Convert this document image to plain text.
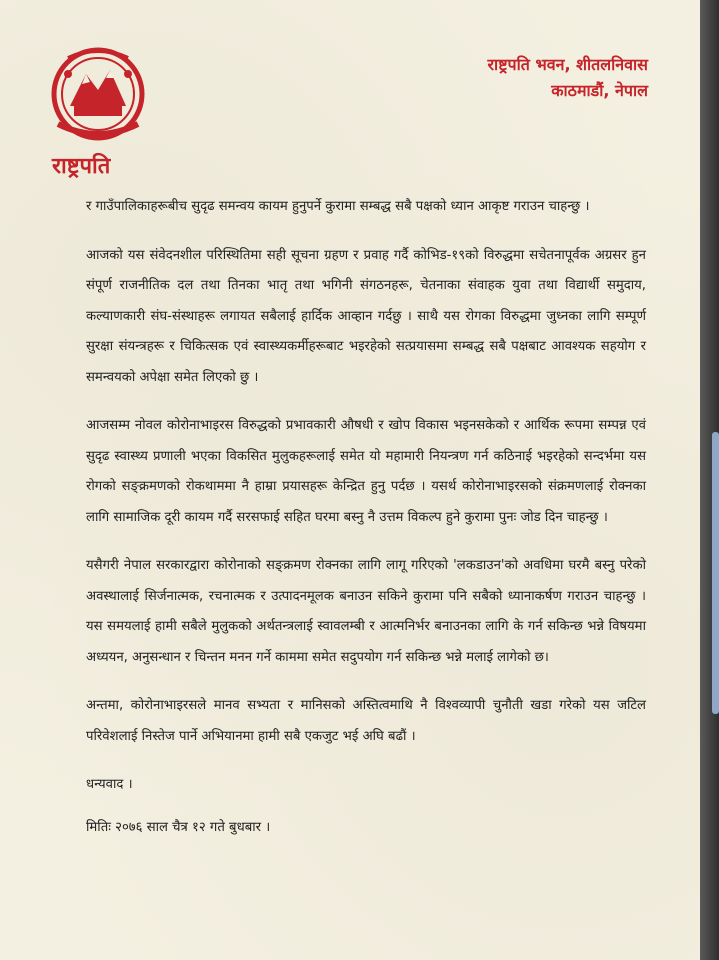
राष्ट्रपति भवन, शीतलनिवास
काठमाडौं, नेपाल
राष्ट्रपति

र गाउँपालिकाहरूबीच सुदृढ समन्वय कायम हुनुपर्ने कुरामा सम्बद्ध सबै पक्षको ध्यान आकृष्ट गराउन चाहन्छु ।

आजको यस संवेदनशील परिस्थितिमा सही सूचना ग्रहण र प्रवाह गर्दै कोभिड-१९को विरुद्धमा सचेतनापूर्वक अग्रसर हुन संपूर्ण राजनीतिक दल तथा तिनका भातृ तथा भगिनी संगठनहरू, चेतनाका संवाहक युवा तथा विद्यार्थी समुदाय, कल्याणकारी संघ-संस्थाहरू लगायत सबैलाई हार्दिक आव्हान गर्दछु । साथै यस रोगका विरुद्धमा जुध्नका लागि सम्पूर्ण सुरक्षा संयन्त्रहरू र चिकित्सक एवं स्वास्थ्यकर्मीहरूबाट भइरहेको सत्प्रयासमा सम्बद्ध सबै पक्षबाट आवश्यक सहयोग र समन्वयको अपेक्षा समेत लिएको छु ।

आजसम्म नोवल कोरोनाभाइरस विरुद्धको प्रभावकारी औषधी र खोप विकास भइनसकेको र आर्थिक रूपमा सम्पन्न एवं सुदृढ स्वास्थ्य प्रणाली भएका विकसित मुलुकहरूलाई समेत यो महामारी नियन्त्रण गर्न कठिनाई भइरहेको सन्दर्भमा यस रोगको सङ्क्रमणको रोकथाममा नै हाम्रा प्रयासहरू केन्द्रित हुनु पर्दछ । यसर्थ कोरोनाभाइरसको संक्रमणलाई रोक्नका लागि सामाजिक दूरी कायम गर्दै सरसफाई सहित घरमा बस्नु नै उत्तम विकल्प हुने कुरामा पुनः जोड दिन चाहन्छु ।

यसैगरी नेपाल सरकारद्वारा कोरोनाको सङ्क्रमण रोक्नका लागि लागू गरिएको 'लकडाउन'को अवधिमा घरमै बस्नु परेको अवस्थालाई सिर्जनात्मक, रचनात्मक र उत्पादनमूलक बनाउन सकिने कुरामा पनि सबैको ध्यानाकर्षण गराउन चाहन्छु । यस समयलाई हामी सबैले मुलुकको अर्थतन्त्रलाई स्वावलम्बी र आत्मनिर्भर बनाउनका लागि के गर्न सकिन्छ भन्ने विषयमा अध्ययन, अनुसन्धान र चिन्तन मनन गर्ने काममा समेत सदुपयोग गर्न सकिन्छ भन्ने मलाई लागेको छ।

अन्तमा, कोरोनाभाइरसले मानव सभ्यता र मानिसको अस्तित्वमाथि नै विश्वव्यापी चुनौती खडा गरेको यस जटिल परिवेशलाई निस्तेज पार्ने अभियानमा हामी सबै एकजुट भई अघि बढौं ।

धन्यवाद ।

मितिः २०७६ साल चैत्र १२ गते बुधबार ।
